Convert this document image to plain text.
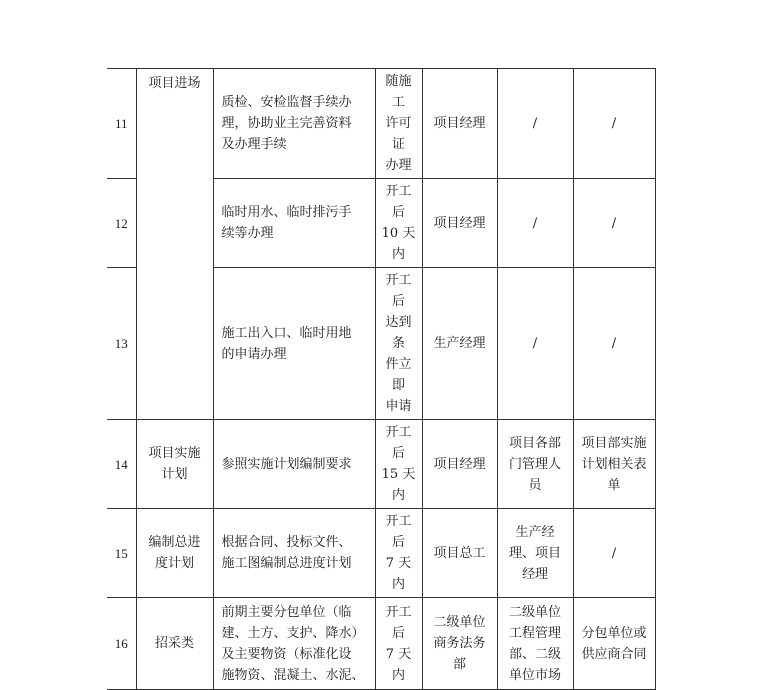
11	项目进场	质检、安检监督手续办
理，协助业主完善资料
及办理手续	随施工
许可证
办理	项目经理	/	/
12		临时用水、临时排污手
续等办理	开工后
10 天
内	项目经理	/	/
13		施工出入口、临时用地
的申请办理	开工后
达到条
件立即
申请	生产经理	/	/
14	项目实施
计划	参照实施计划编制要求	开工后
15 天
内	项目经理	项目各部
门管理人
员	项目部实施
计划相关表
单
15	编制总进
度计划	根据合同、投标文件、
施工图编制总进度计划	开工后
7 天内	项目总工	生产经
理、项目
经理	/
16	招采类	前期主要分包单位（临
建、土方、支护、降水）
及主要物资（标准化设
施物资、混凝土、水泥、	开工后
7 天内	二级单位
商务法务
部	二级单位
工程管理
部、二级
单位市场	分包单位或
供应商合同
